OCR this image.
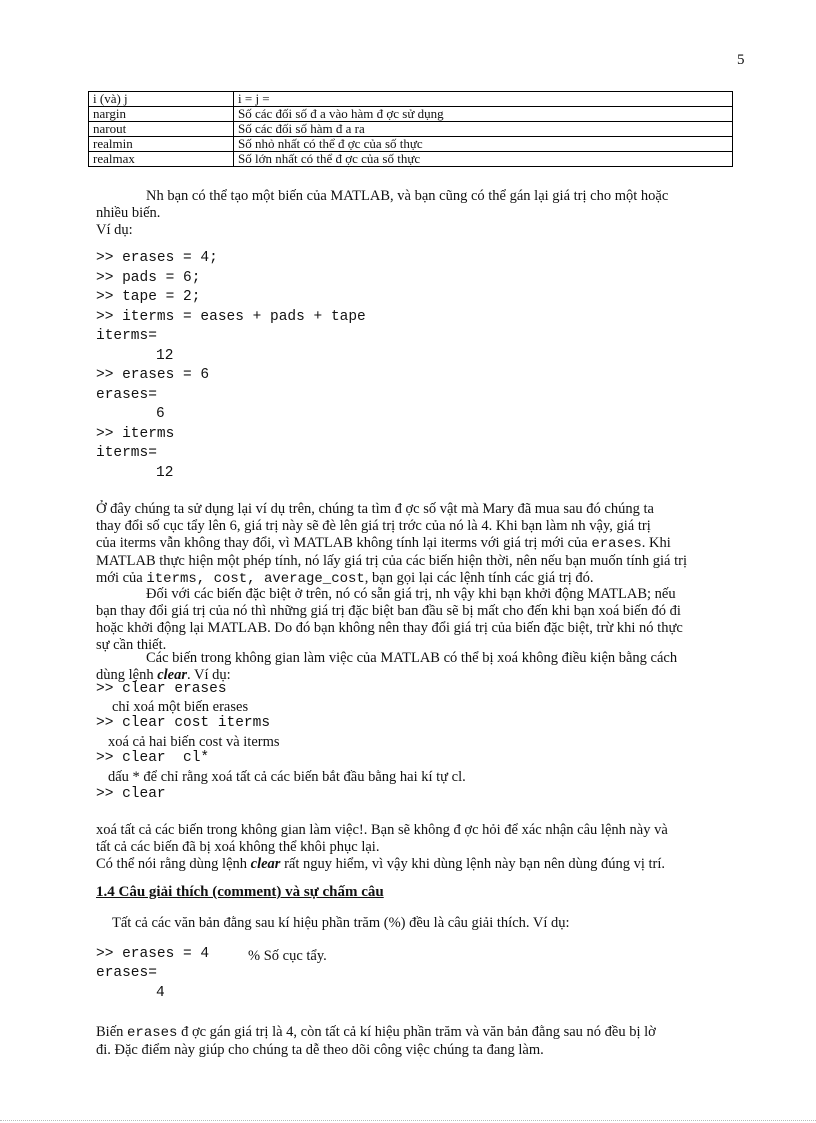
5
i (và) j	i = j =
nargin	Số các đối số đ a vào hàm đ ợc sử dụng
narout	Số các đối số hàm đ a ra
realmin	Số nhỏ nhất có thể đ ợc của số thực
realmax	Số lớn nhất có thể đ ợc của số thực
Nh bạn có thể tạo một biến của MATLAB, và bạn cũng có thể gán lại giá trị cho một hoặc
nhiều biến.
Ví dụ:
>> erases = 4;
>> pads = 6;
>> tape = 2;
>> iterms = eases + pads + tape
iterms=
12
>> erases = 6
erases=
6
>> iterms
iterms=
12
Ở đây chúng ta sử dụng lại ví dụ trên, chúng ta tìm đ ợc số vật mà Mary đã mua sau đó chúng ta
thay đổi số cục tẩy lên 6, giá trị này sẽ đè lên giá trị trớc của nó là 4. Khi bạn làm nh vậy, giá trị
của iterms vẫn không thay đổi, vì MATLAB không tính lại iterms với giá trị mới của erases. Khi
MATLAB thực hiện một phép tính, nó lấy giá trị của các biến hiện thời, nên nếu bạn muốn tính giá trị
mới của iterms, cost, average_cost, bạn gọi lại các lệnh tính các giá trị đó.
Đối với các biến đặc biệt ở trên, nó có sẵn giá trị, nh vậy khi bạn khởi động MATLAB; nếu
bạn thay đổi giá trị của nó thì những giá trị đặc biệt ban đầu sẽ bị mất cho đến khi bạn xoá biến đó đi
hoặc khởi động lại MATLAB. Do đó bạn không nên thay đổi giá trị của biến đặc biệt, trừ khi nó thực
sự cần thiết.
Các biến trong không gian làm việc của MATLAB có thể bị xoá không điều kiện bằng cách
dùng lệnh clear. Ví dụ:
>> clear erases
chỉ xoá một biến erases
>> clear cost iterms
xoá cả hai biến cost và iterms
>> clear  cl*
dấu * để chỉ rằng xoá tất cả các biến bắt đầu bằng hai kí tự cl.
>> clear
xoá tất cả các biến trong không gian làm việc!. Bạn sẽ không đ ợc hỏi để xác nhận câu lệnh này và
tất cả các biến đã bị xoá không thể khôi phục lại.
Có thể nói rằng dùng lệnh clear rất nguy hiểm, vì vậy khi dùng lệnh này bạn nên dùng đúng vị trí.
1.4 Câu giải thích (comment) và sự chấm câu
Tất cả các văn bản đằng sau kí hiệu phần trăm (%) đều là câu giải thích. Ví dụ:
>> erases = 4	% Số cục tẩy.
erases=
4
Biến erases đ ợc gán giá trị là 4, còn tất cả kí hiệu phần trăm và văn bản đằng sau nó đều bị lờ
đi. Đặc điểm này giúp cho chúng ta dễ theo dõi công việc chúng ta đang làm.
